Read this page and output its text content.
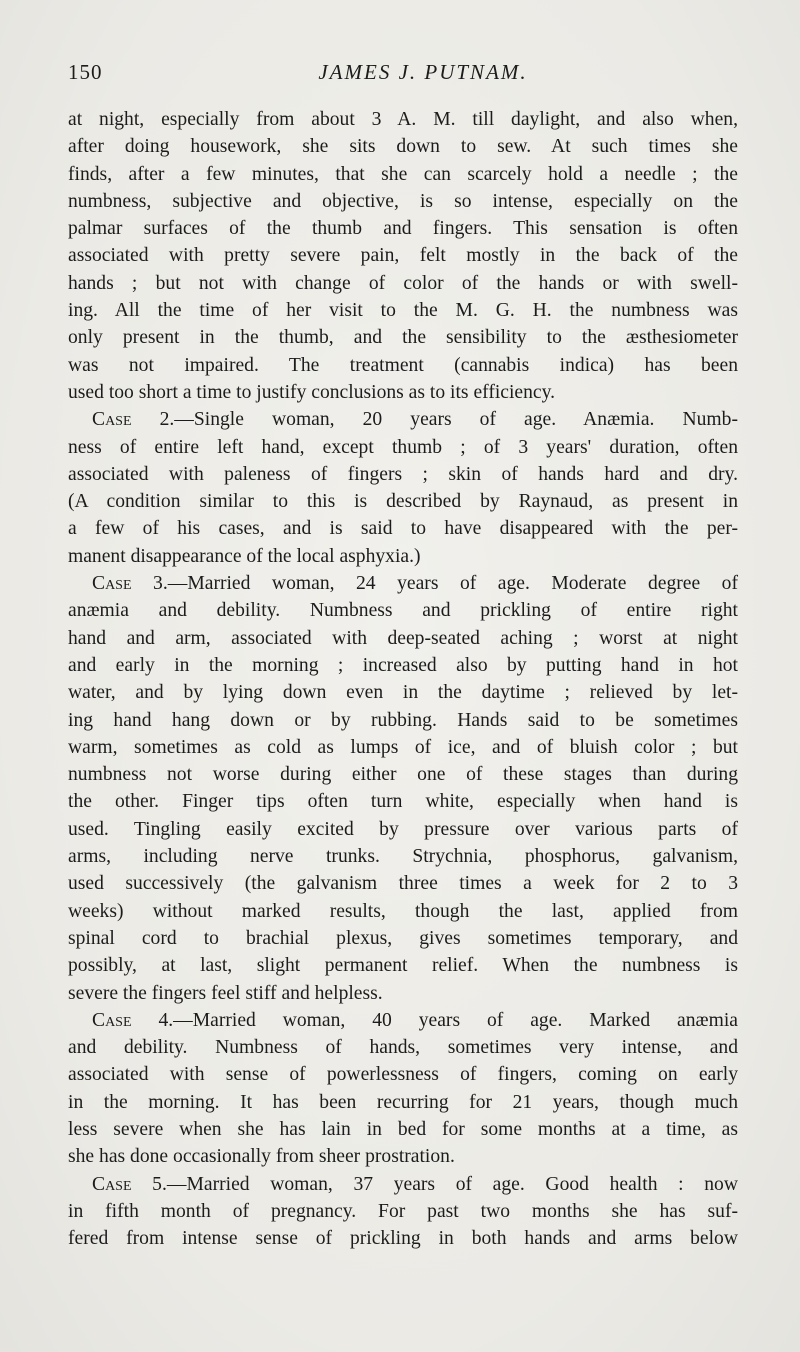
150	JAMES J. PUTNAM.
at night, especially from about 3 A. M. till daylight, and also when,
after doing housework, she sits down to sew. At such times she
finds, after a few minutes, that she can scarcely hold a needle ; the
numbness, subjective and objective, is so intense, especially on the
palmar surfaces of the thumb and fingers. This sensation is often
associated with pretty severe pain, felt mostly in the back of the
hands ; but not with change of color of the hands or with swell-
ing. All the time of her visit to the M. G. H. the numbness was
only present in the thumb, and the sensibility to the æsthesiometer
was not impaired. The treatment (cannabis indica) has been
used too short a time to justify conclusions as to its efficiency.
Case 2.—Single woman, 20 years of age. Anæmia. Numb-
ness of entire left hand, except thumb ; of 3 years' duration, often
associated with paleness of fingers ; skin of hands hard and dry.
(A condition similar to this is described by Raynaud, as present in
a few of his cases, and is said to have disappeared with the per-
manent disappearance of the local asphyxia.)
Case 3.—Married woman, 24 years of age. Moderate degree of
anæmia and debility. Numbness and prickling of entire right
hand and arm, associated with deep-seated aching ; worst at night
and early in the morning ; increased also by putting hand in hot
water, and by lying down even in the daytime ; relieved by let-
ing hand hang down or by rubbing. Hands said to be sometimes
warm, sometimes as cold as lumps of ice, and of bluish color ; but
numbness not worse during either one of these stages than during
the other. Finger tips often turn white, especially when hand is
used. Tingling easily excited by pressure over various parts of
arms, including nerve trunks. Strychnia, phosphorus, galvanism,
used successively (the galvanism three times a week for 2 to 3
weeks) without marked results, though the last, applied from
spinal cord to brachial plexus, gives sometimes temporary, and
possibly, at last, slight permanent relief. When the numbness is
severe the fingers feel stiff and helpless.
Case 4.—Married woman, 40 years of age. Marked anæmia
and debility. Numbness of hands, sometimes very intense, and
associated with sense of powerlessness of fingers, coming on early
in the morning. It has been recurring for 21 years, though much
less severe when she has lain in bed for some months at a time, as
she has done occasionally from sheer prostration.
Case 5.—Married woman, 37 years of age. Good health : now
in fifth month of pregnancy. For past two months she has suf-
fered from intense sense of prickling in both hands and arms below
